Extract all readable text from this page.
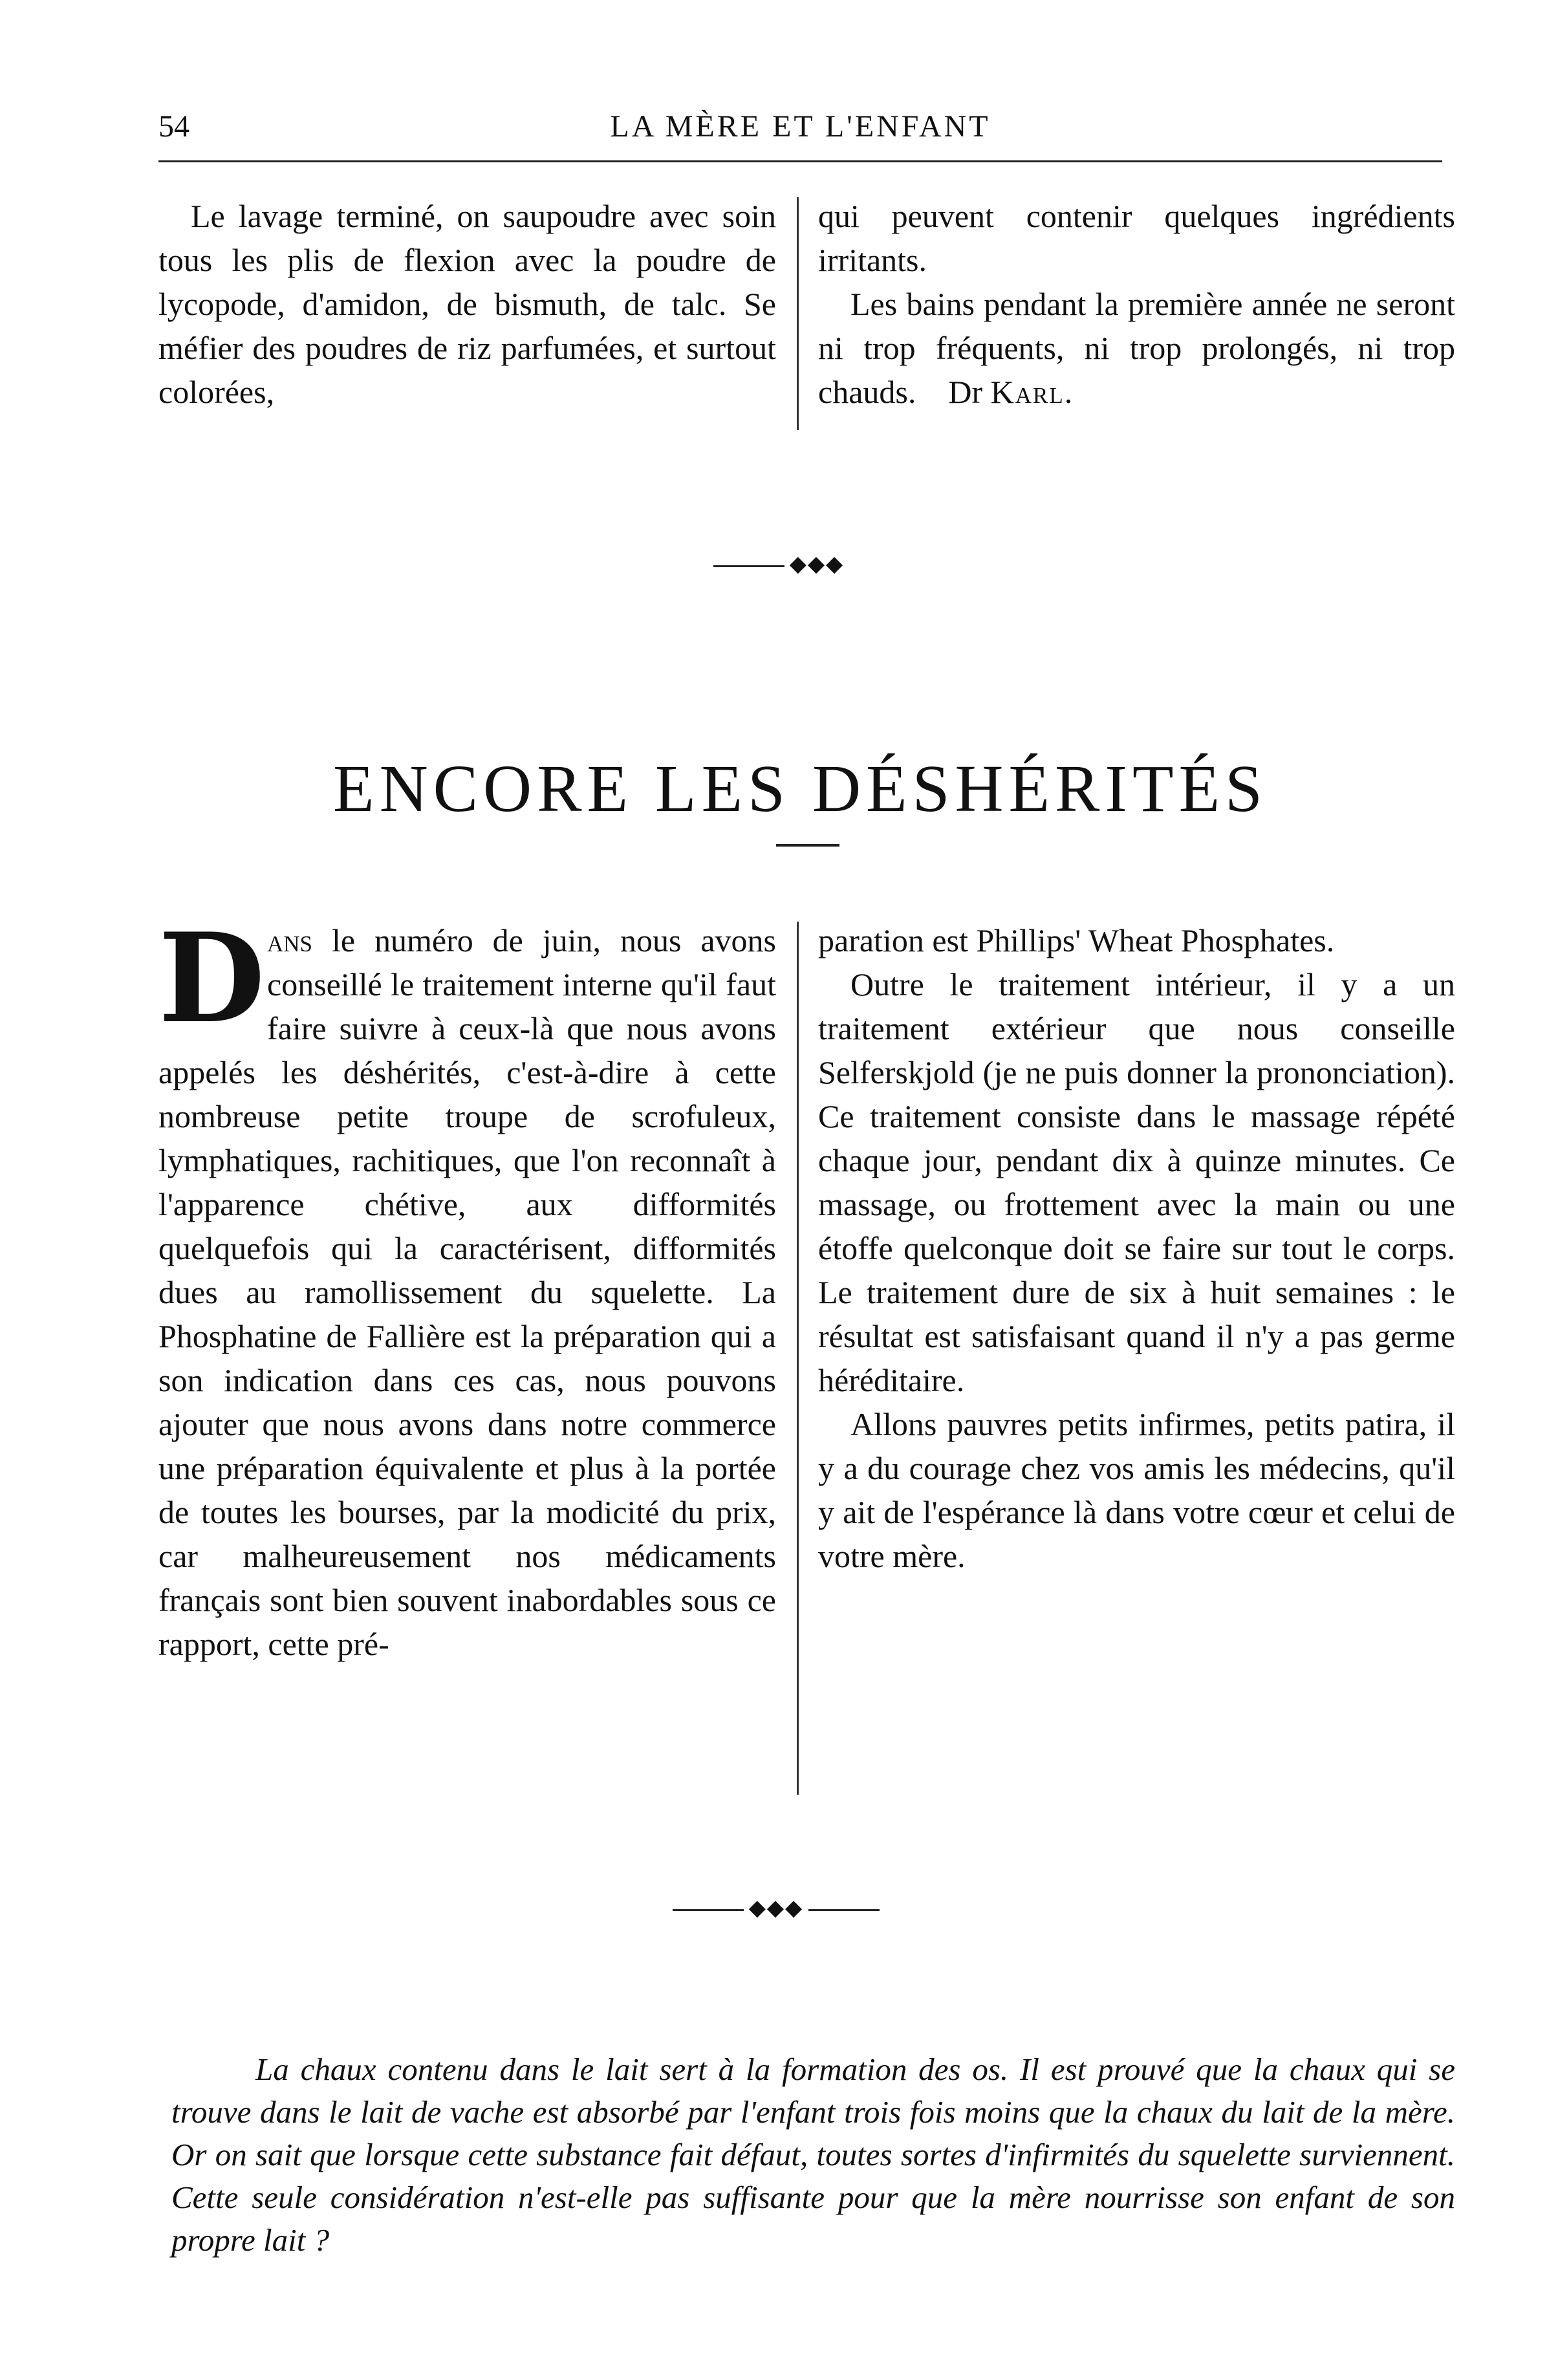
54	LA MÈRE ET L'ENFANT

Le lavage terminé, on saupoudre avec soin tous les plis de flexion avec la poudre de lycopode, d'amidon, de bismuth, de talc. Se méfier des poudres de riz parfumées, et surtout colorées,

qui peuvent contenir quelques ingrédients irritants.

Les bains pendant la première année ne seront ni trop fréquents, ni trop prolongés, ni trop chauds. Dr Karl.

◆◆◆
ENCORE LES DÉSHÉRITÉS

Dans le numéro de juin, nous avons conseillé le traitement interne qu'il faut faire suivre à ceux-là que nous avons appelés les déshérités, c'est-à-dire à cette nombreuse petite troupe de scrofuleux, lymphatiques, rachitiques, que l'on reconnaît à l'apparence chétive, aux difformités quelquefois qui la caractérisent, difformités dues au ramollissement du squelette. La Phosphatine de Fallière est la préparation qui a son indication dans ces cas, nous pouvons ajouter que nous avons dans notre commerce une préparation équivalente et plus à la portée de toutes les bourses, par la modicité du prix, car malheureusement nos médicaments français sont bien souvent inabordables sous ce rapport, cette pré-

paration est Phillips' Wheat Phosphates.

Outre le traitement intérieur, il y a un traitement extérieur que nous conseille Selferskjold (je ne puis donner la prononciation). Ce traitement consiste dans le massage répété chaque jour, pendant dix à quinze minutes. Ce massage, ou frottement avec la main ou une étoffe quelconque doit se faire sur tout le corps. Le traitement dure de six à huit semaines : le résultat est satisfaisant quand il n'y a pas germe héréditaire.

Allons pauvres petits infirmes, petits patira, il y a du courage chez vos amis les médecins, qu'il y ait de l'espérance là dans votre cœur et celui de votre mère.

◆◆◆

La chaux contenu dans le lait sert à la formation des os. Il est prouvé que la chaux qui se trouve dans le lait de vache est absorbé par l'enfant trois fois moins que la chaux du lait de la mère. Or on sait que lorsque cette substance fait défaut, toutes sortes d'infirmités du squelette surviennent. Cette seule considération n'est-elle pas suffisante pour que la mère nourrisse son enfant de son propre lait ?
